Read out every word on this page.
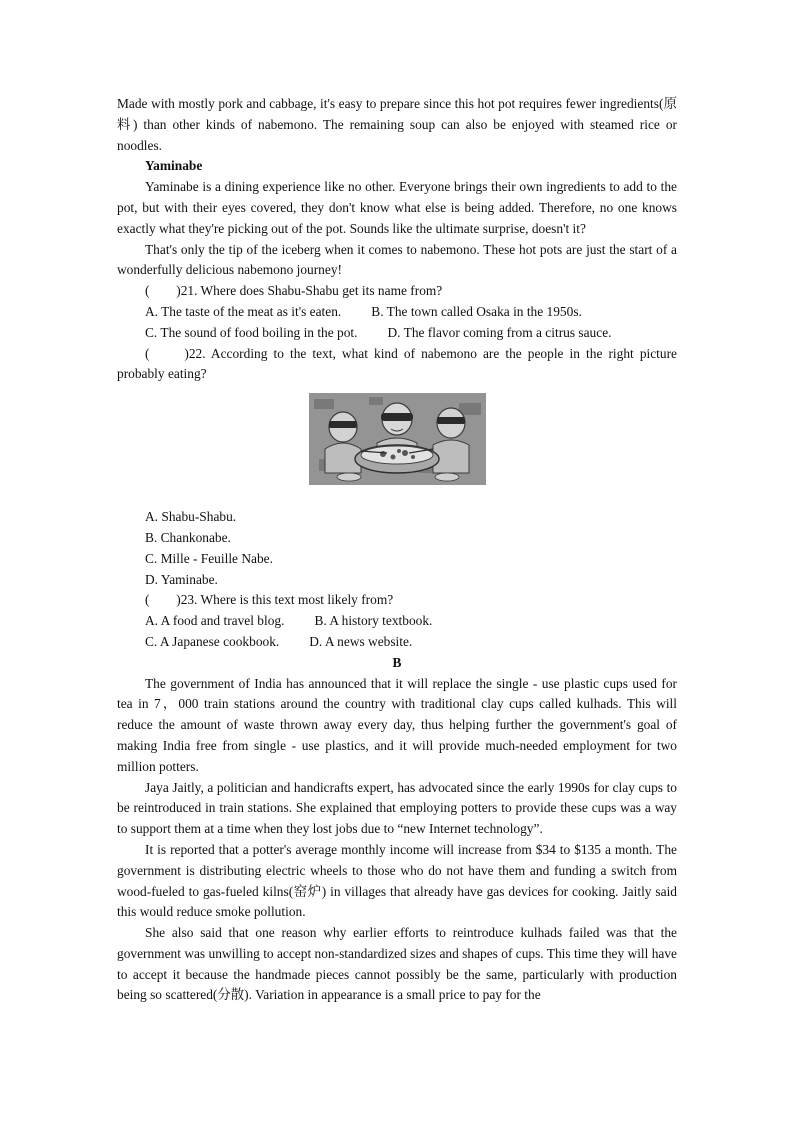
Made with mostly pork and cabbage, it's easy to prepare since this hot pot requires fewer ingredients(原料) than other kinds of nabemono. The remaining soup can also be enjoyed with steamed rice or noodles.

Yaminabe

Yaminabe is a dining experience like no other. Everyone brings their own ingredients to add to the pot, but with their eyes covered, they don't know what else is being added. Therefore, no one knows exactly what they're picking out of the pot. Sounds like the ultimate surprise, doesn't it?

That's only the tip of the iceberg when it comes to nabemono. These hot pots are just the start of a wonderfully delicious nabemono journey!

(　　)21. Where does Shabu-Shabu get its name from?

A. The taste of the meat as it's eaten. B. The town called Osaka in the 1950s.

C. The sound of food boiling in the pot. D. The flavor coming from a citrus sauce.

(　　)22. According to the text, what kind of nabemono are the people in the right picture probably eating?

A. Shabu-Shabu.

B. Chankonabe.

C. Mille - Feuille Nabe.

D. Yaminabe.

(　　)23. Where is this text most likely from?

A. A food and travel blog. B. A history textbook.

C. A Japanese cookbook. D. A news website.

B

The government of India has announced that it will replace the single - use plastic cups used for tea in 7，000 train stations around the country with traditional clay cups called kulhads. This will reduce the amount of waste thrown away every day, thus helping further the government's goal of making India free from single - use plastics, and it will provide much-needed employment for two million potters.

Jaya Jaitly, a politician and handicrafts expert, has advocated since the early 1990s for clay cups to be reintroduced in train stations. She explained that employing potters to provide these cups was a way to support them at a time when they lost jobs due to “new Internet technology”.

It is reported that a potter's average monthly income will increase from $34 to $135 a month. The government is distributing electric wheels to those who do not have them and funding a switch from wood-fueled to gas-fueled kilns(窑炉) in villages that already have gas devices for cooking. Jaitly said this would reduce smoke pollution.

She also said that one reason why earlier efforts to reintroduce kulhads failed was that the government was unwilling to accept non-standardized sizes and shapes of cups. This time they will have to accept it because the handmade pieces cannot possibly be the same, particularly with production being so scattered(分散). Variation in appearance is a small price to pay for the
